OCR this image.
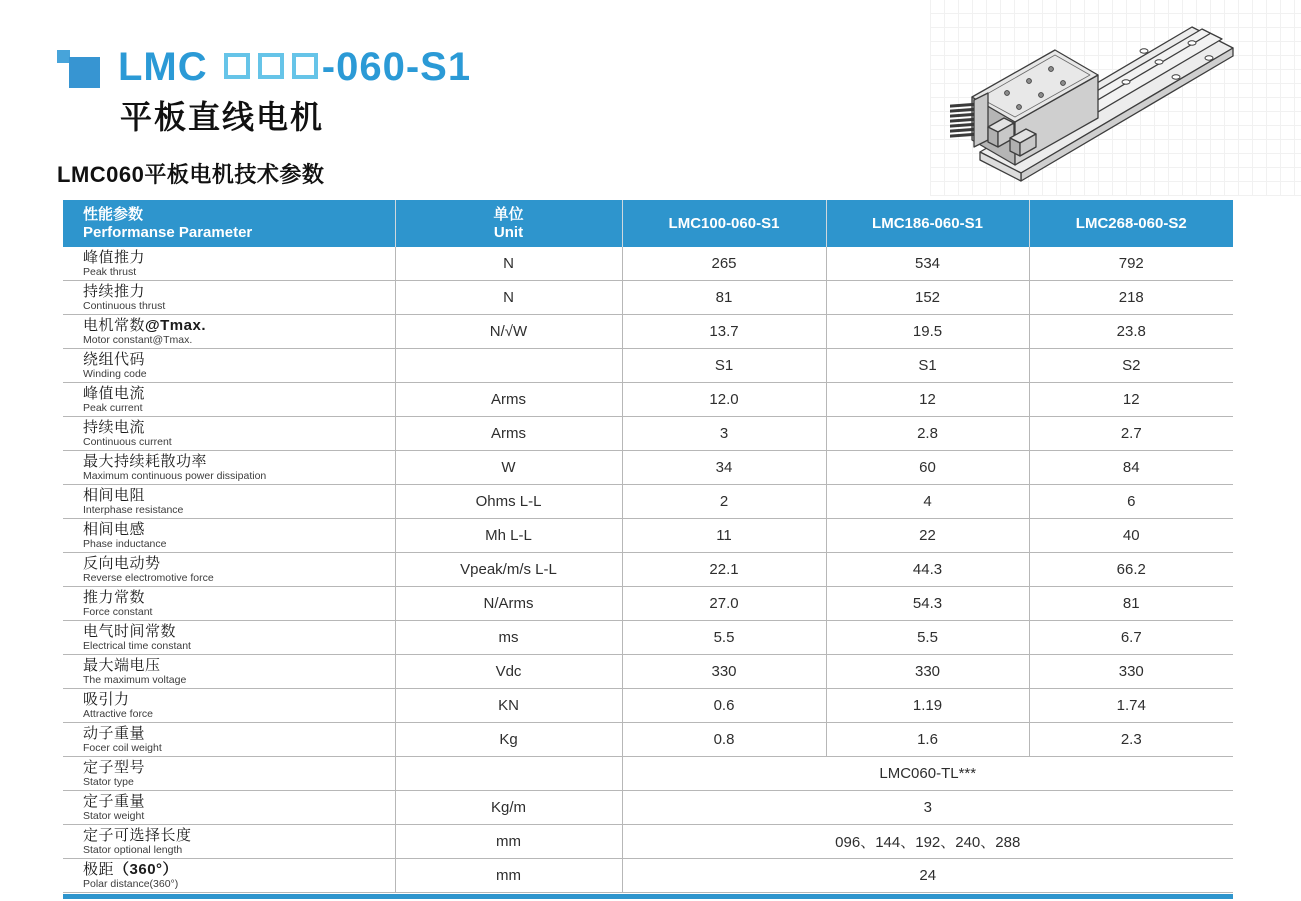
LMC	-060-S1
平板直线电机
LMC060平板电机技术参数
性能参数
Performanse Parameter

单位
Unit
	LMC100-060-S1	LMC186-060-S1	LMC268-060-S2

峰值推力
Peak thrust	N	265	534	792

持续推力
Continuous thrust	N	81	152	218

电机常数@Tmax.
Motor constant@Tmax.	N/√W	13.7	19.5	23.8

绕组代码
Winding code		S1	S1	S2

峰值电流
Peak current	Arms	12.0	12	12

持续电流
Continuous current	Arms	3	2.8	2.7

最大持续耗散功率
Maximum continuous power dissipation	W	34	60	84

相间电阻
Interphase resistance	Ohms L-L	2	4	6

相间电感
Phase inductance	Mh L-L	11	22	40

反向电动势
Reverse electromotive force	Vpeak/m/s L-L	22.1	44.3	66.2

推力常数
Force constant	N/Arms	27.0	54.3	81

电气时间常数
Electrical time constant	ms	5.5	5.5	6.7

最大端电压
The maximum voltage	Vdc	330	330	330

吸引力
Attractive force	KN	0.6	1.19	1.74

动子重量
Focer coil weight	Kg	0.8	1.6	2.3

定子型号
Stator type		LMC060-TL***		

定子重量
Stator weight	Kg/m	3		

定子可选择长度
Stator optional length	mm	096、144、192、240、288		

极距（360°）
Polar distance(360°)	mm	24		
